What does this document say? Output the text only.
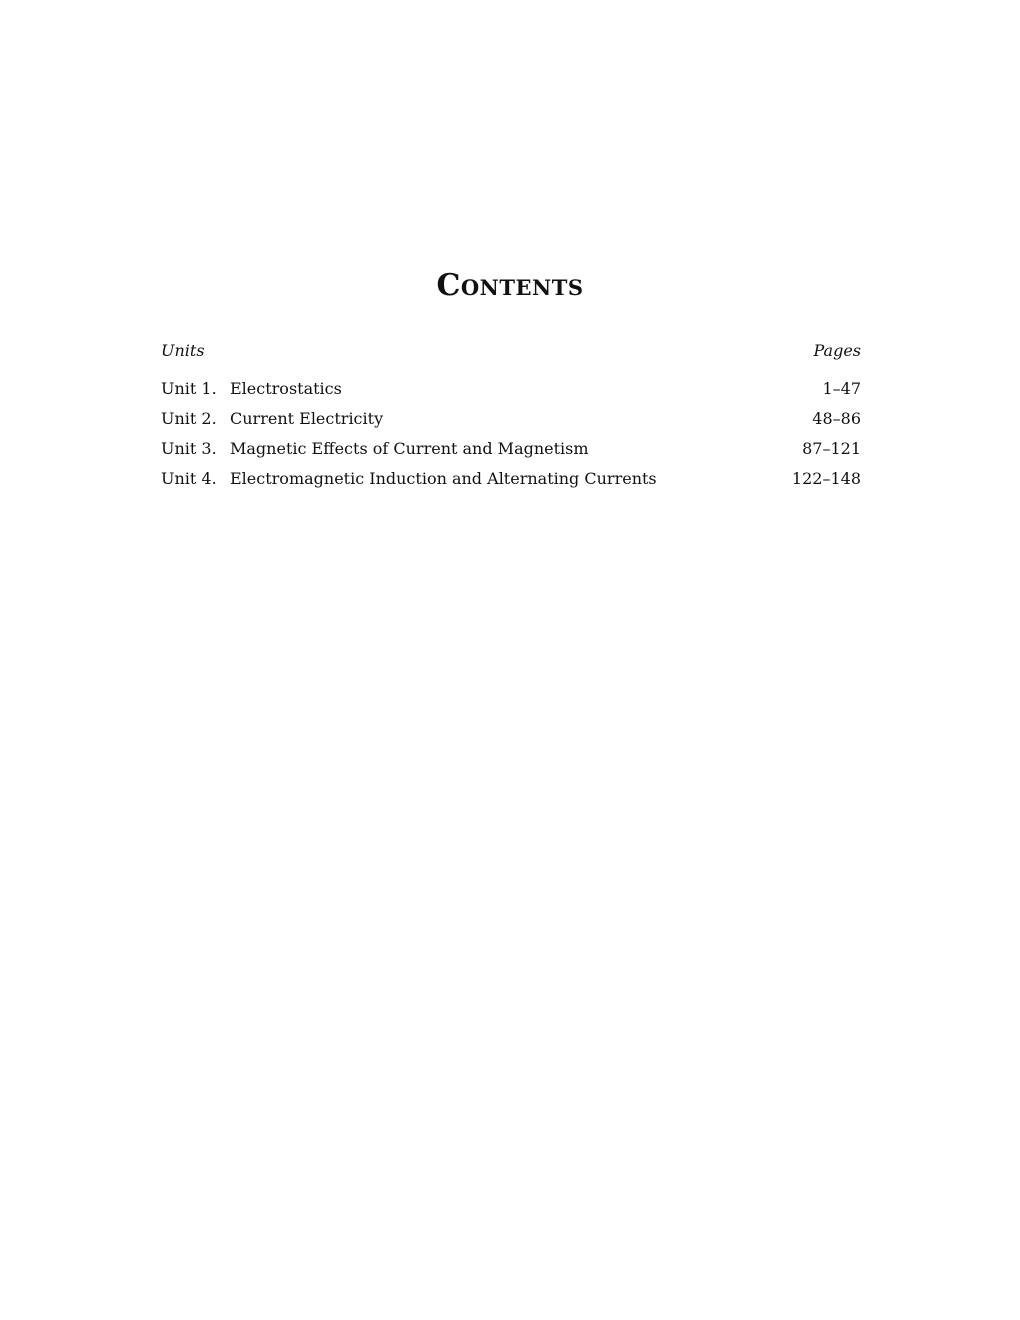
Contents
Units	Pages
Unit 1. Electrostatics	1–47
Unit 2. Current Electricity	48–86
Unit 3. Magnetic Effects of Current and Magnetism	87–121
Unit 4. Electromagnetic Induction and Alternating Currents	122–148
